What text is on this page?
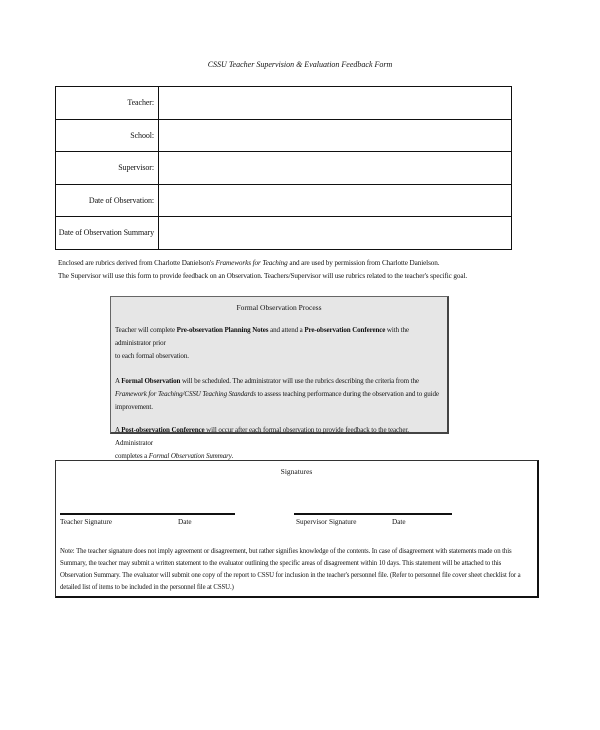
CSSU Teacher Supervision & Evaluation Feedback Form
Teacher:	
School:	
Supervisor:	
Date of Observation:	
Date of Observation Summary	
Enclosed are rubrics derived from Charlotte Danielson's Frameworks for Teaching and are used by permission from Charlotte Danielson.
The Supervisor will use this form to provide feedback on an Observation. Teachers/Supervisor will use rubrics related to the teacher's specific goal.
Formal Observation Process
Teacher will complete Pre-observation Planning Notes and attend a Pre-observation Conference with the administrator prior
to each formal observation.
A Formal Observation will be scheduled. The administrator will use the rubrics describing the criteria from the Framework for Teaching/CSSU Teaching Standards to assess teaching performance during the observation and to guide improvement.
A Post-observation Conference will occur after each formal observation to provide feedback to the teacher. Administrator
completes a Formal Observation Summary.
Signatures
Teacher Signature	Date	Supervisor Signature	Date
Note: The teacher signature does not imply agreement or disagreement, but rather signifies knowledge of the contents. In case of disagreement with statements made on this Summary, the teacher may submit a written statement to the evaluator outlining the specific areas of disagreement within 10 days. This statement will be attached to this Observation Summary. The evaluator will submit one copy of the report to CSSU for inclusion in the teacher's personnel file. (Refer to personnel file cover sheet checklist for a detailed list of items to be included in the personnel file at CSSU.)
